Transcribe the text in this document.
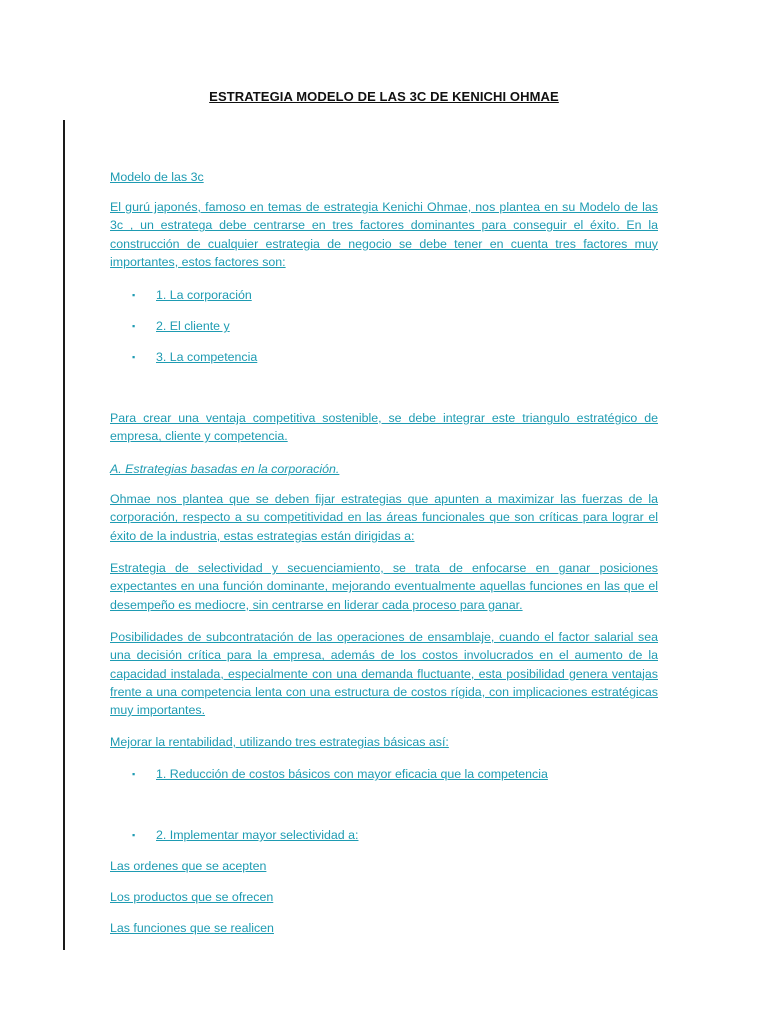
ESTRATEGIA MODELO DE LAS 3C DE KENICHI OHMAE
Modelo de las 3c
El gurú japonés, famoso en temas de estrategia Kenichi Ohmae, nos plantea en su Modelo de las 3c , un estratega debe centrarse en tres factores dominantes para conseguir el éxito. En la construcción de cualquier estrategia de negocio se debe tener en cuenta tres factores muy importantes, estos factores son:
▪ 1. La corporación
▪ 2. El cliente y
▪ 3. La competencia
Para crear una ventaja competitiva sostenible, se debe integrar este triangulo estratégico de empresa, cliente y competencia.
A. Estrategias basadas en la corporación.
Ohmae nos plantea que se deben fijar estrategias que apunten a maximizar las fuerzas de la corporación, respecto a su competitividad en las áreas funcionales que son críticas para lograr el éxito de la industria, estas estrategias están dirigidas a:
Estrategia de selectividad y secuenciamiento, se trata de enfocarse en ganar posiciones expectantes en una función dominante, mejorando eventualmente aquellas funciones en las que el desempeño es mediocre, sin centrarse en liderar cada proceso para ganar.
Posibilidades de subcontratación de las operaciones de ensamblaje, cuando el factor salarial sea una decisión crítica para la empresa, además de los costos involucrados en el aumento de la capacidad instalada, especialmente con una demanda fluctuante, esta posibilidad genera ventajas frente a una competencia lenta con una estructura de costos rígida, con implicaciones estratégicas muy importantes.
Mejorar la rentabilidad, utilizando tres estrategias básicas así:
▪ 1. Reducción de costos básicos con mayor eficacia que la competencia
▪ 2. Implementar mayor selectividad a:
Las ordenes que se acepten
Los productos que se ofrecen
Las funciones que se realicen
